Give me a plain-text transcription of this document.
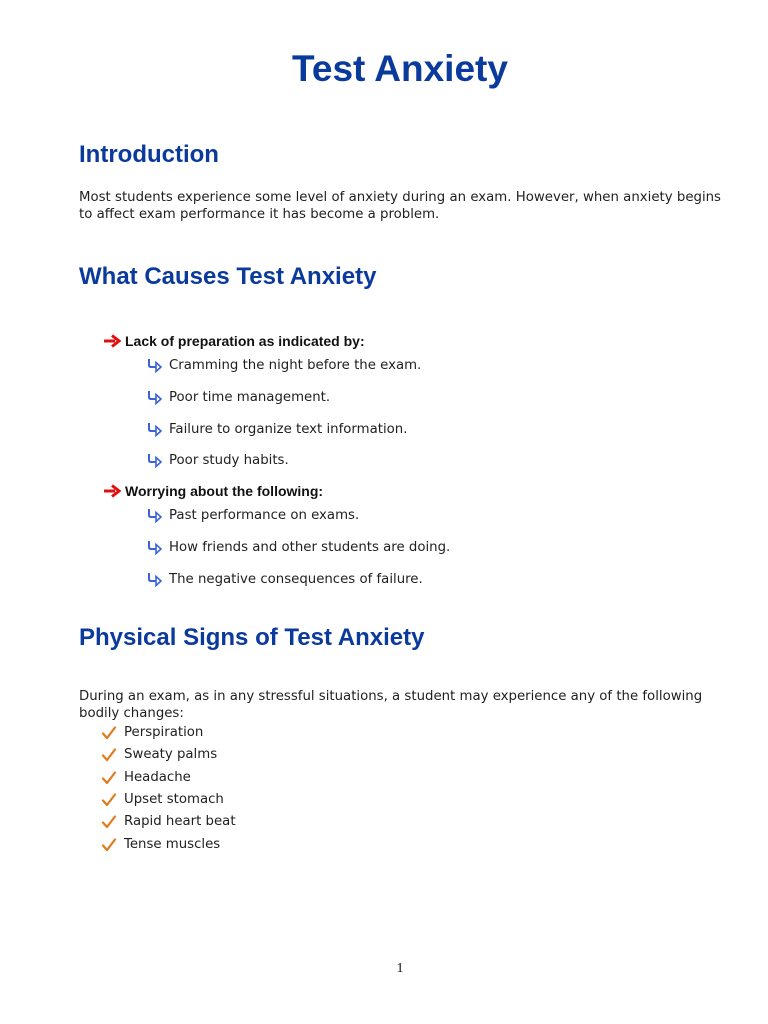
Test Anxiety
Introduction

Most students experience some level of anxiety during an exam. However, when anxiety begins to affect exam performance it has become a problem.

What Causes Test Anxiety
Lack of preparation as indicated by:
Cramming the night before the exam.
Poor time management.
Failure to organize text information.
Poor study habits.
Worrying about the following:
Past performance on exams.
How friends and other students are doing.
The negative consequences of failure.
Physical Signs of Test Anxiety

During an exam, as in any stressful situations, a student may experience any of the following bodily changes:

Perspiration
Sweaty palms
Headache
Upset stomach
Rapid heart beat
Tense muscles
1
